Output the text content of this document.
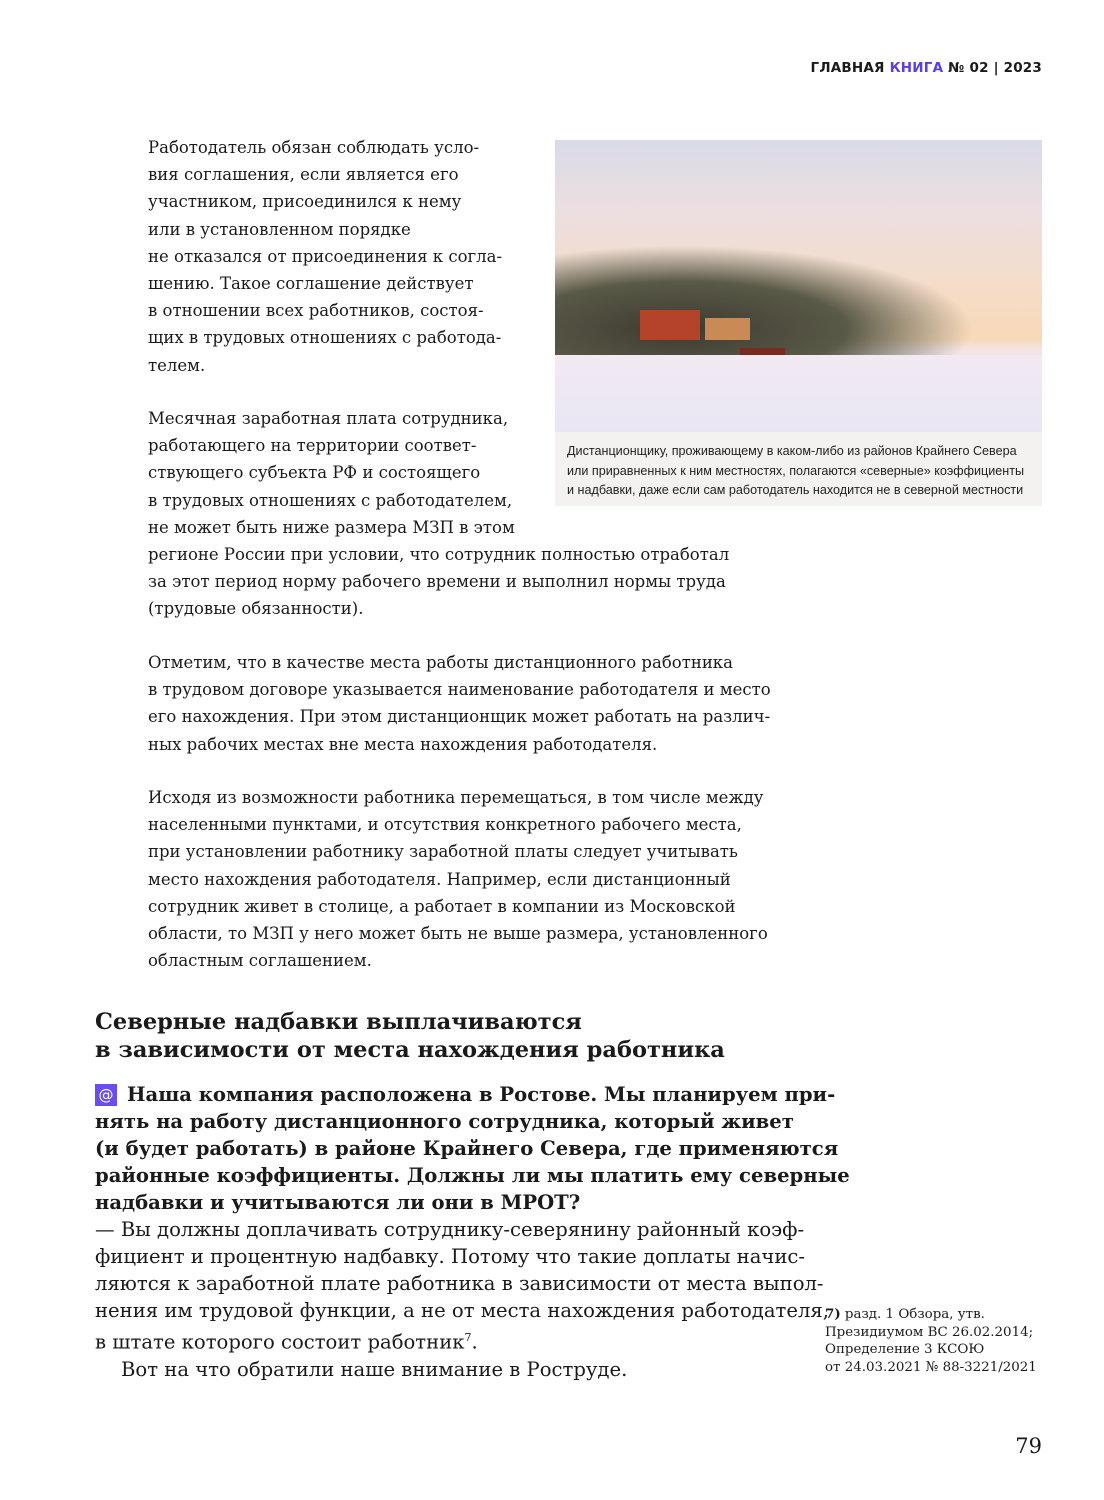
ГЛАВНАЯ КНИГА № 02 | 2023
Работодатель обязан соблюдать усло-
вия соглашения, если является его
участником, присоединился к нему
или в установленном порядке
не отказался от присоединения к согла-
шению. Такое соглашение действует
в отношении всех работников, состоя-
щих в трудовых отношениях с работода-
телем.
Месячная заработная плата сотрудника,
работающего на территории соответ-
ствующего субъекта РФ и состоящего
в трудовых отношениях с работодателем,
не может быть ниже размера МЗП в этом
регионе России при условии, что сотрудник полностью отработал
за этот период норму рабочего времени и выполнил нормы труда
(трудовые обязанности).
Отметим, что в качестве места работы дистанционного работника
в трудовом договоре указывается наименование работодателя и место
его нахождения. При этом дистанционщик может работать на различ-
ных рабочих местах вне места нахождения работодателя.
Исходя из возможности работника перемещаться, в том числе между
населенными пунктами, и отсутствия конкретного рабочего места,
при установлении работнику заработной платы следует учитывать
место нахождения работодателя. Например, если дистанционный
сотрудник живет в столице, а работает в компании из Московской
области, то МЗП у него может быть не выше размера, установленного
областным соглашением.
Дистанционщику, проживающему в каком-либо из районов Крайнего Севера
или приравненных к ним местностях, полагаются «северные» коэффициенты
и надбавки, даже если сам работодатель находится не в северной местности
Северные надбавки выплачиваются
в зависимости от места нахождения работника
@ Наша компания расположена в Ростове. Мы планируем при-
нять на работу дистанционного сотрудника, который живет
(и будет работать) в районе Крайнего Севера, где применяются
районные коэффициенты. Должны ли мы платить ему северные
надбавки и учитываются ли они в МРОТ?
— Вы должны доплачивать сотруднику-северянину районный коэф-
фициент и процентную надбавку. Потому что такие доплаты начис-
ляются к заработной плате работника в зависимости от места выпол-
нения им трудовой функции, а не от места нахождения работодателя,
в штате которого состоит работник$^7$.
Вот на что обратили наше внимание в Роструде.
7) разд. 1 Обзора, утв.
Президиумом ВС 26.02.2014;
Определение 3 КСОЮ
от 24.03.2021 № 88-3221/2021
79
